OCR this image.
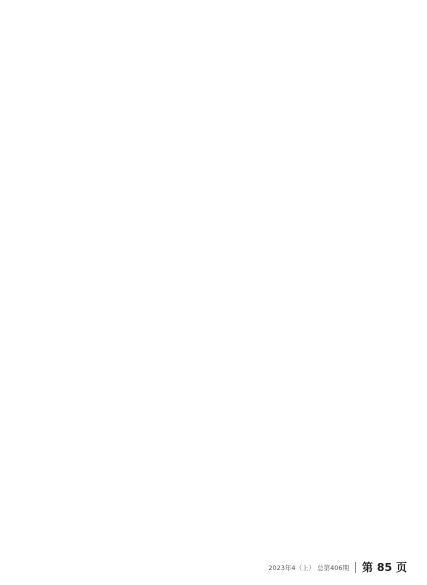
2023年4（上） 总第406期 第 85 页
